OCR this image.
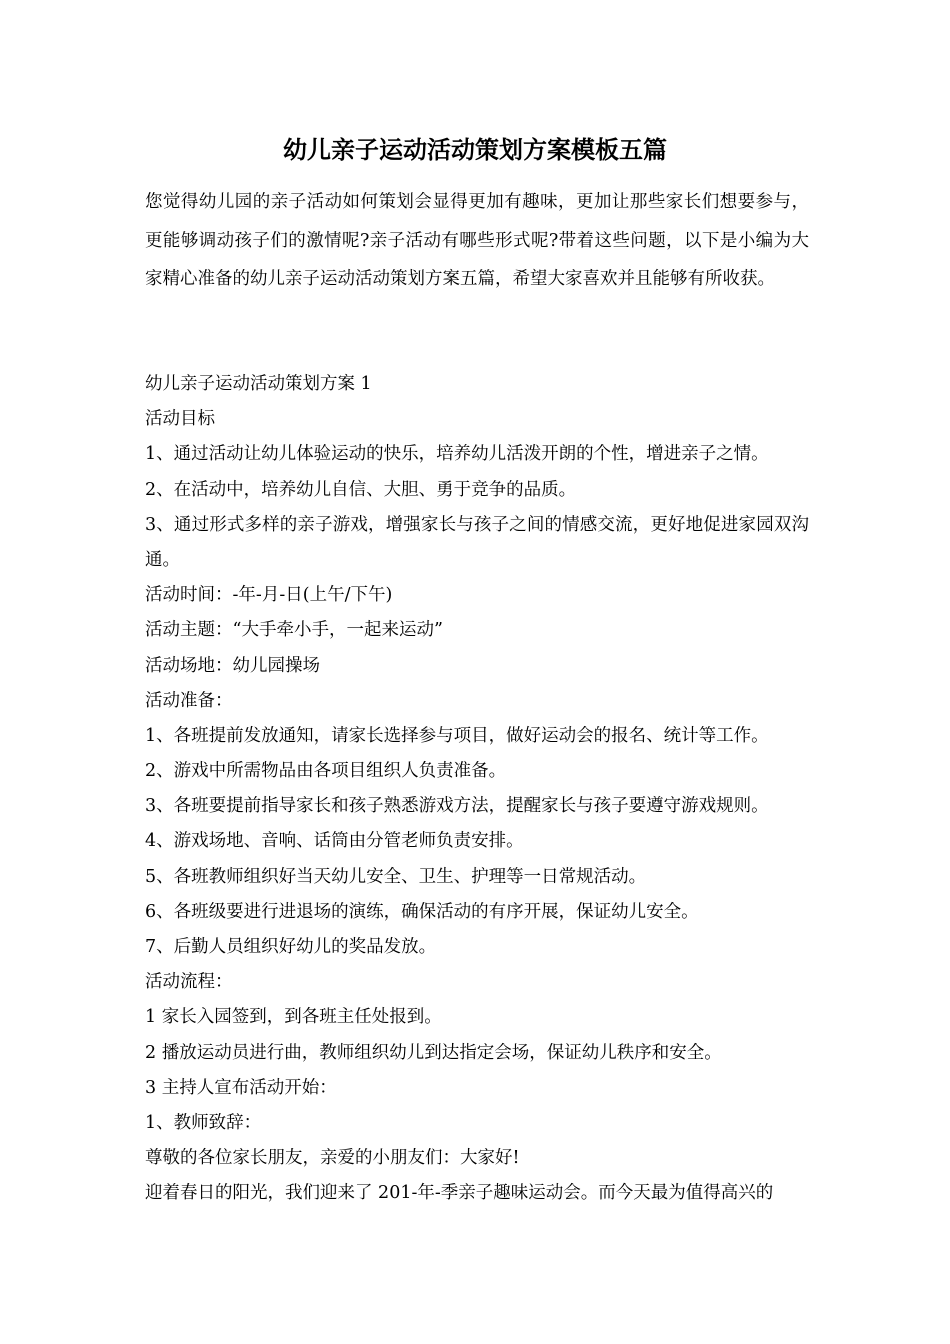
幼儿亲子运动活动策划方案模板五篇

您觉得幼儿园的亲子活动如何策划会显得更加有趣味，更加让那些家长们想要参与，更能够调动孩子们的激情呢?亲子活动有哪些形式呢?带着这些问题，以下是小编为大家精心准备的幼儿亲子运动活动策划方案五篇，希望大家喜欢并且能够有所收获。

幼儿亲子运动活动策划方案 1

活动目标

1、通过活动让幼儿体验运动的快乐，培养幼儿活泼开朗的个性，增进亲子之情。

2、在活动中，培养幼儿自信、大胆、勇于竞争的品质。

3、通过形式多样的亲子游戏，增强家长与孩子之间的情感交流，更好地促进家园双沟通。

活动时间：-年-月-日(上午/下午)

活动主题：“大手牵小手，一起来运动”

活动场地：幼儿园操场

活动准备：

1、各班提前发放通知，请家长选择参与项目，做好运动会的报名、统计等工作。

2、游戏中所需物品由各项目组织人负责准备。

3、各班要提前指导家长和孩子熟悉游戏方法，提醒家长与孩子要遵守游戏规则。

4、游戏场地、音响、话筒由分管老师负责安排。

5、各班教师组织好当天幼儿安全、卫生、护理等一日常规活动。

6、各班级要进行进退场的演练，确保活动的有序开展，保证幼儿安全。

7、后勤人员组织好幼儿的奖品发放。

活动流程：

1 家长入园签到，到各班主任处报到。

2 播放运动员进行曲，教师组织幼儿到达指定会场，保证幼儿秩序和安全。

3 主持人宣布活动开始：

1、教师致辞：

尊敬的各位家长朋友，亲爱的小朋友们：大家好!

迎着春日的阳光，我们迎来了 201-年-季亲子趣味运动会。而今天最为值得高兴的
